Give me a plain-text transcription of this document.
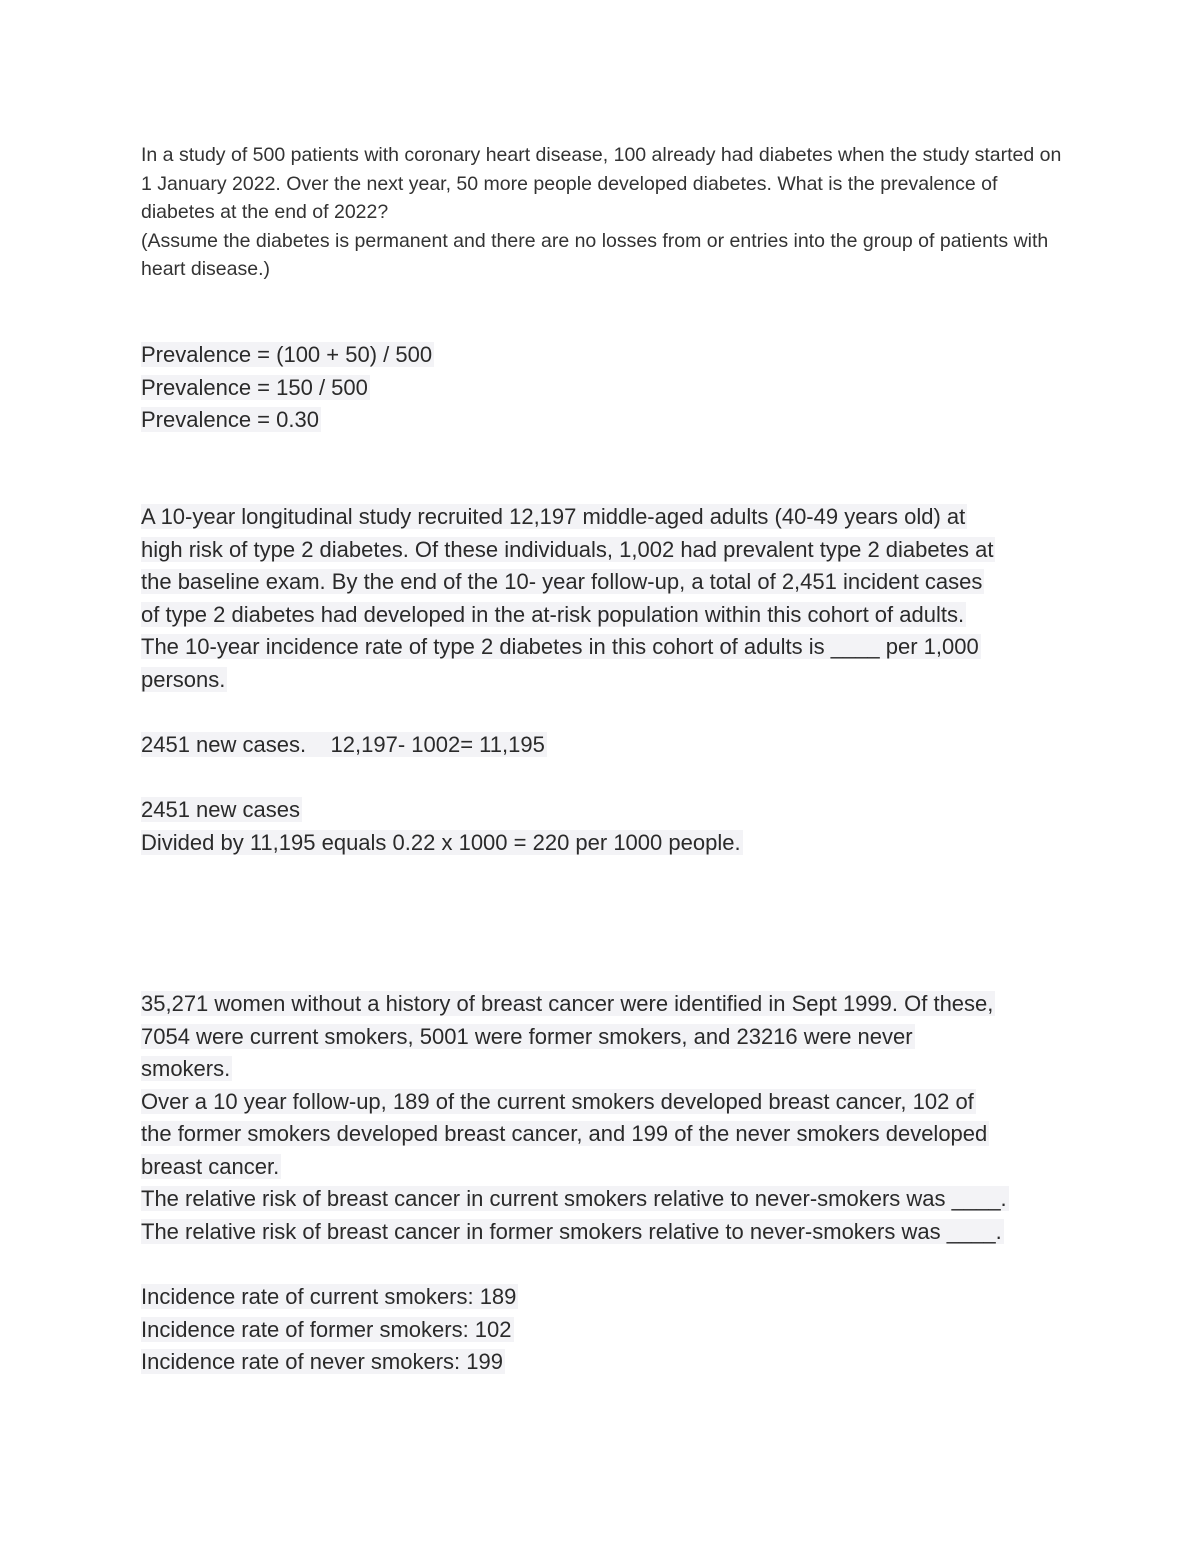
In a study of 500 patients with coronary heart disease, 100 already had diabetes when the study started on 1 January 2022. Over the next year, 50 more people developed diabetes. What is the prevalence of diabetes at the end of 2022?

(Assume the diabetes is permanent and there are no losses from or entries into the group of patients with heart disease.)

Prevalence = (100 + 50) / 500
Prevalence = 150 / 500
Prevalence = 0.30
A 10-year longitudinal study recruited 12,197 middle-aged adults (40-49 years old) at
high risk of type 2 diabetes. Of these individuals, 1,002 had prevalent type 2 diabetes at
the baseline exam. By the end of the 10- year follow-up, a total of 2,451 incident cases
of type 2 diabetes had developed in the at-risk population within this cohort of adults.
The 10-year incidence rate of type 2 diabetes in this cohort of adults is ____ per 1,000
persons.
2451 new cases.    12,197- 1002= 11,195
2451 new cases
Divided by 11,195 equals 0.22 x 1000 = 220 per 1000 people.
35,271 women without a history of breast cancer were identified in Sept 1999. Of these,
7054 were current smokers, 5001 were former smokers, and 23216 were never
smokers.
Over a 10 year follow-up, 189 of the current smokers developed breast cancer, 102 of
the former smokers developed breast cancer, and 199 of the never smokers developed
breast cancer.
The relative risk of breast cancer in current smokers relative to never-smokers was ____.
The relative risk of breast cancer in former smokers relative to never-smokers was ____.
Incidence rate of current smokers: 189
Incidence rate of former smokers: 102
Incidence rate of never smokers: 199
